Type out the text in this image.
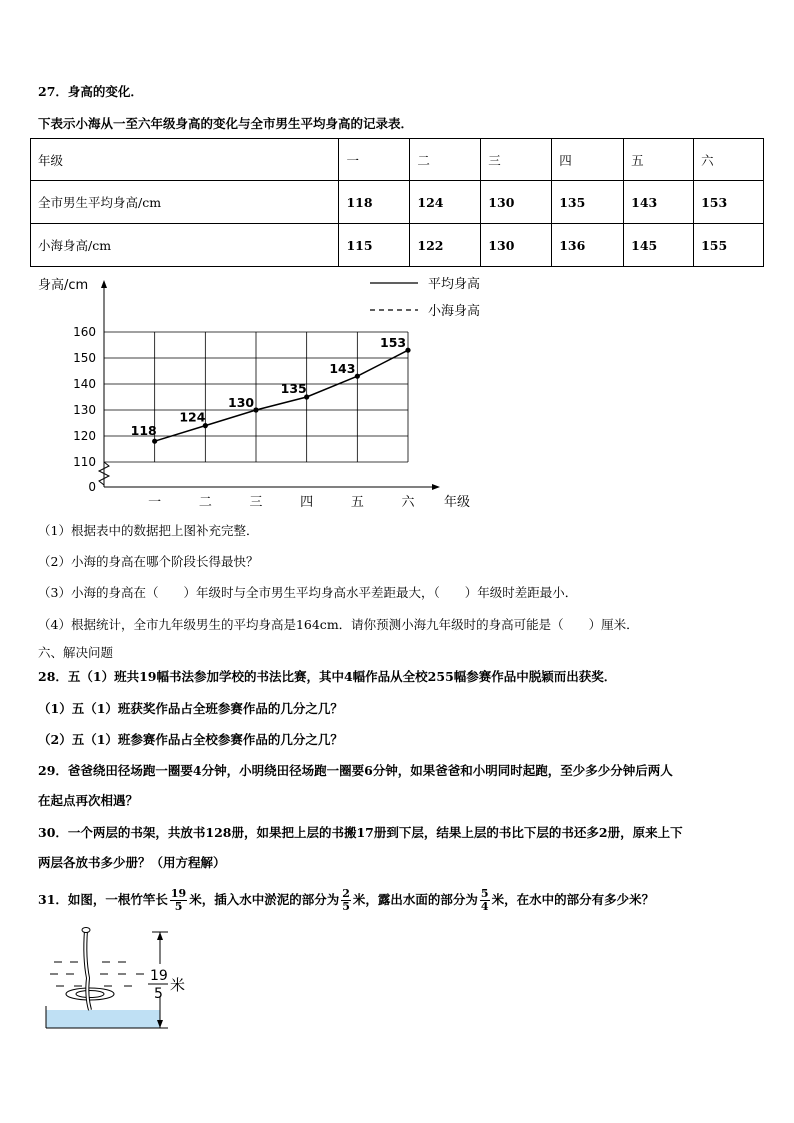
27．身高的变化．
下表示小海从一至六年级身高的变化与全市男生平均身高的记录表．
年级	一	二	三	四	五	六
全市男生平均身高/cm	118	124	130	135	143	153
小海身高/cm	115	122	130	136	145	155
身高/cm
年级
平均身高
小海身高
0
110
120
130
140
150
160
一	二	三	四	五	六
118
124
130
135
143
153
（1）根据表中的数据把上图补充完整．
（2）小海的身高在哪个阶段长得最快？
（3）小海的身高在（　　）年级时与全市男生平均身高水平差距最大，（　　）年级时差距最小．
（4）根据统计，全市九年级男生的平均身高是164cm．请你预测小海九年级时的身高可能是（　　）厘米．
六、解决问题
28．五（1）班共19幅书法参加学校的书法比赛，其中4幅作品从全校255幅参赛作品中脱颖而出获奖．
（1）五（1）班获奖作品占全班参赛作品的几分之几？
（2）五（1）班参赛作品占全校参赛作品的几分之几？
29．爸爸绕田径场跑一圈要4分钟，小明绕田径场跑一圈要6分钟，如果爸爸和小明同时起跑，至少多少分钟后两人
在起点再次相遇？
30．一个两层的书架，共放书128册，如果把上层的书搬17册到下层，结果上层的书比下层的书还多2册，原来上下
两层各放书多少册？（用方程解）
31．如图，一根竹竿长 $\frac{19}{5}$ 米，插入水中淤泥的部分为 $\frac{2}{5}$ 米，露出水面的部分为 $\frac{5}{4}$ 米，在水中的部分有多少米？
19
5 米
